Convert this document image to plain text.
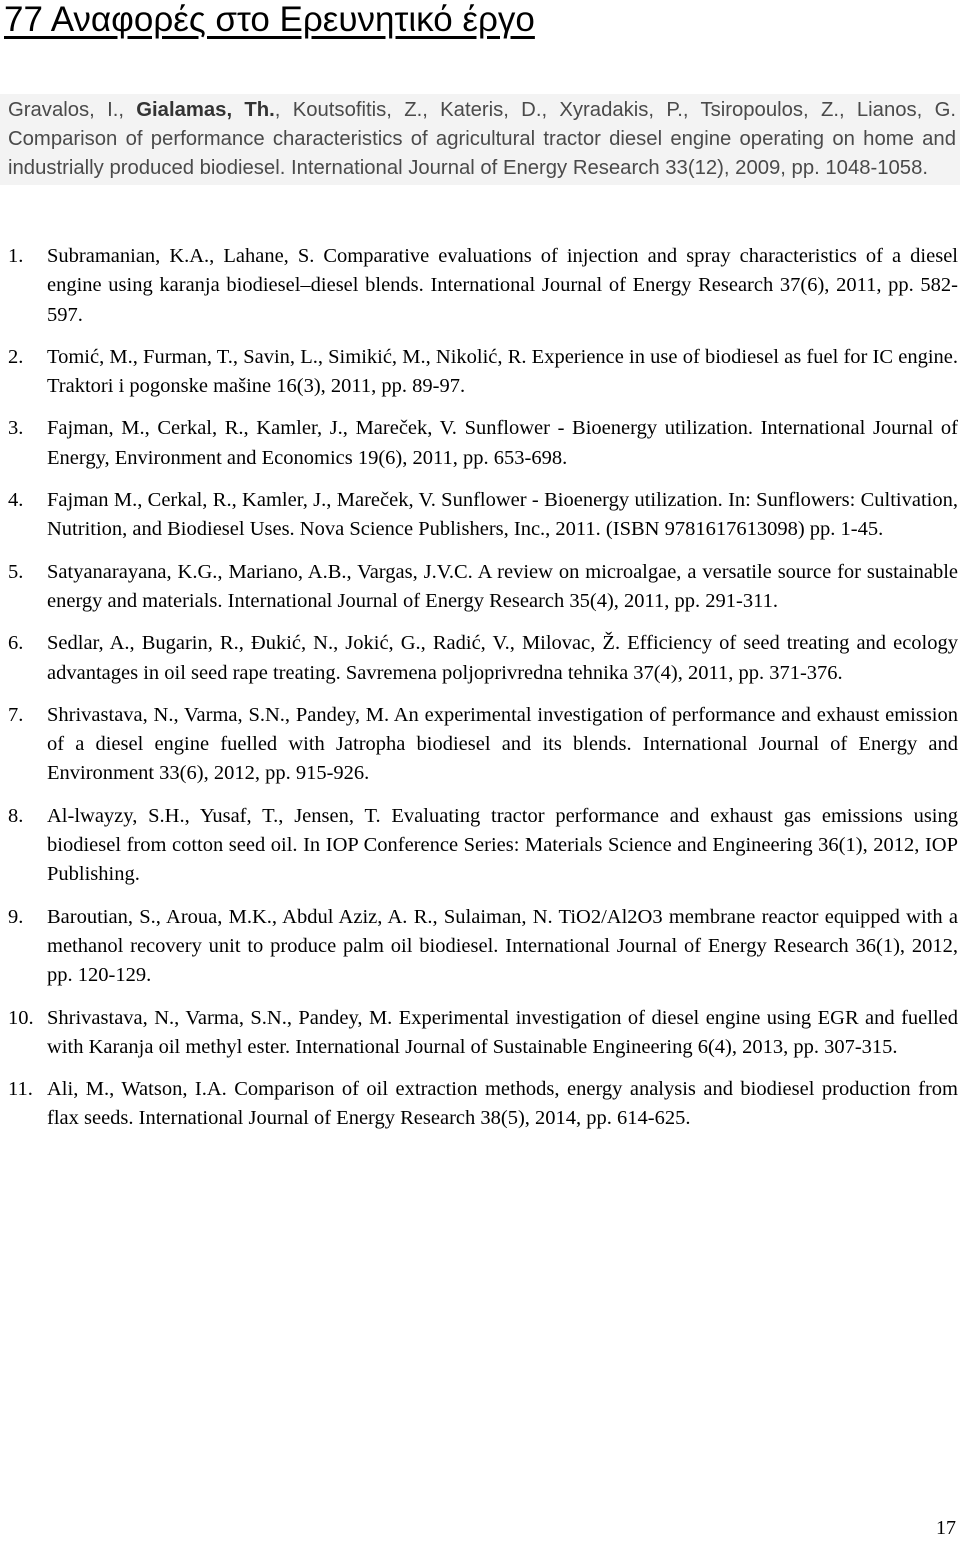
77 Αναφορές στο Ερευνητικό έργο
Gravalos, I., Gialamas, Th., Koutsofitis, Z., Kateris, D., Xyradakis, P., Tsiropoulos, Z., Lianos, G. Comparison of performance characteristics of agricultural tractor diesel engine operating on home and industrially produced biodiesel. International Journal of Energy Research 33(12), 2009, pp. 1048-1058.
1. Subramanian, K.A., Lahane, S. Comparative evaluations of injection and spray characteristics of a diesel engine using karanja biodiesel–diesel blends. International Journal of Energy Research 37(6), 2011, pp. 582-597.
2. Tomić, M., Furman, T., Savin, L., Simikić, M., Nikolić, R. Experience in use of biodiesel as fuel for IC engine. Traktori i pogonske mašine 16(3), 2011, pp. 89-97.
3. Fajman, M., Cerkal, R., Kamler, J., Mareček, V. Sunflower - Bioenergy utilization. International Journal of Energy, Environment and Economics 19(6), 2011, pp. 653-698.
4. Fajman M., Cerkal, R., Kamler, J., Mareček, V. Sunflower - Bioenergy utilization. In: Sunflowers: Cultivation, Nutrition, and Biodiesel Uses. Nova Science Publishers, Inc., 2011. (ISBN 9781617613098) pp. 1-45.
5. Satyanarayana, K.G., Mariano, A.B., Vargas, J.V.C. A review on microalgae, a versatile source for sustainable energy and materials. International Journal of Energy Research 35(4), 2011, pp. 291-311.
6. Sedlar, A., Bugarin, R., Đukić, N., Jokić, G., Radić, V., Milovac, Ž. Efficiency of seed treating and ecology advantages in oil seed rape treating. Savremena poljoprivredna tehnika 37(4), 2011, pp. 371-376.
7. Shrivastava, N., Varma, S.N., Pandey, M. An experimental investigation of performance and exhaust emission of a diesel engine fuelled with Jatropha biodiesel and its blends. International Journal of Energy and Environment 33(6), 2012, pp. 915-926.
8. Al-lwayzy, S.H., Yusaf, T., Jensen, T. Evaluating tractor performance and exhaust gas emissions using biodiesel from cotton seed oil. In IOP Conference Series: Materials Science and Engineering 36(1), 2012, IOP Publishing.
9. Baroutian, S., Aroua, M.K., Abdul Aziz, A. R., Sulaiman, N. TiO2/Al2O3 membrane reactor equipped with a methanol recovery unit to produce palm oil biodiesel. International Journal of Energy Research 36(1), 2012, pp. 120-129.
10. Shrivastava, N., Varma, S.N., Pandey, M. Experimental investigation of diesel engine using EGR and fuelled with Karanja oil methyl ester. International Journal of Sustainable Engineering 6(4), 2013, pp. 307-315.
11. Ali, M., Watson, I.A. Comparison of oil extraction methods, energy analysis and biodiesel production from flax seeds. International Journal of Energy Research 38(5), 2014, pp. 614-625.
17
